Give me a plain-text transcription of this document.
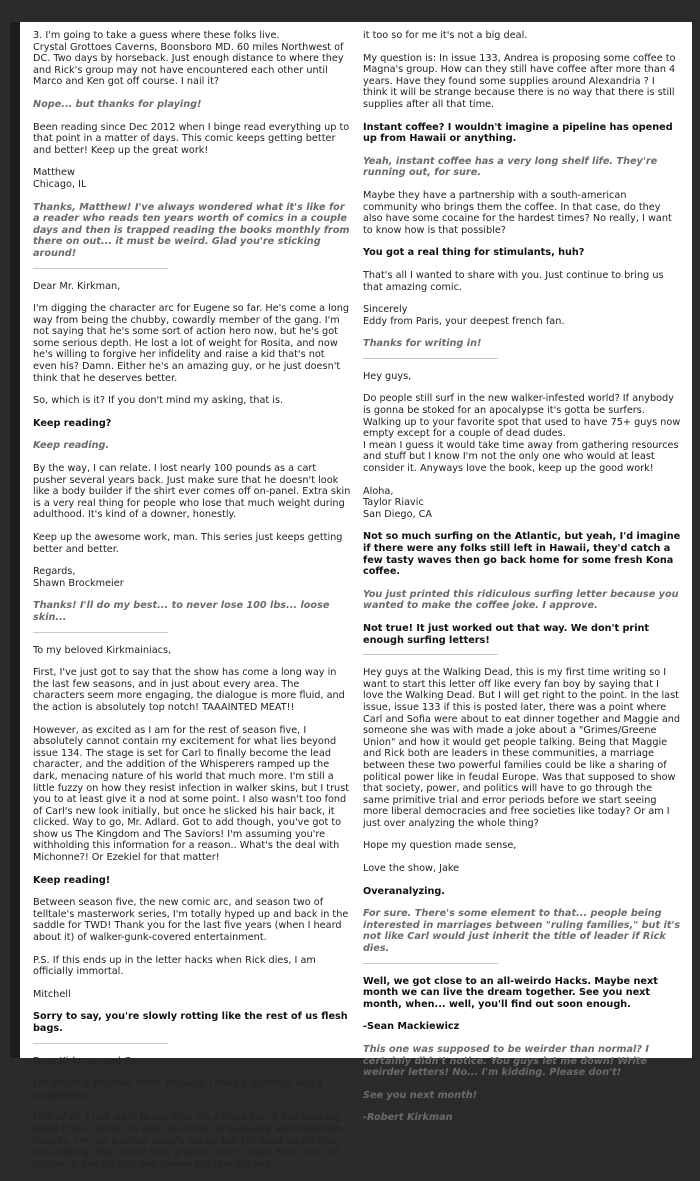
3. I'm going to take a guess where these folks live.
Crystal Grottoes Caverns, Boonsboro MD. 60 miles Northwest of DC. Two days by horseback. Just enough distance to where they and Rick's group may not have encountered each other until Marco and Ken got off course. I nail it?
Nope... but thanks for playing!
Been reading since Dec 2012 when I binge read everything up to that point in a matter of days. This comic keeps getting better and better! Keep up the great work!
Matthew
Chicago, IL
Thanks, Matthew! I've always wondered what it's like for a reader who reads ten years worth of comics in a couple days and then is trapped reading the books monthly from there on out... it must be weird. Glad you're sticking around!
Dear Mr. Kirkman,
I'm digging the character arc for Eugene so far. He's come a long way from being the chubby, cowardly member of the gang. I'm not saying that he's some sort of action hero now, but he's got some serious depth. He lost a lot of weight for Rosita, and now he's willing to forgive her infidelity and raise a kid that's not even his? Damn. Either he's an amazing guy, or he just doesn't think that he deserves better.
So, which is it? If you don't mind my asking, that is.
Keep reading?
Keep reading.
By the way, I can relate. I lost nearly 100 pounds as a cart pusher several years back. Just make sure that he doesn't look like a body builder if the shirt ever comes off on-panel. Extra skin is a very real thing for people who lose that much weight during adulthood. It's kind of a downer, honestly.
Keep up the awesome work, man. This series just keeps getting better and better.
Regards,
Shawn Brockmeier
Thanks! I'll do my best... to never lose 100 lbs... loose skin...
To my beloved Kirkmainiacs,
First, I've just got to say that the show has come a long way in the last few seasons, and in just about every area. The characters seem more engaging, the dialogue is more fluid, and the action is absolutely top notch! TAAAINTED MEAT!!
However, as excited as I am for the rest of season five, I absolutely cannot contain my excitement for what lies beyond issue 134. The stage is set for Carl to finally become the lead character, and the addition of the Whisperers ramped up the dark, menacing nature of his world that much more. I'm still a little fuzzy on how they resist infection in walker skins, but I trust you to at least give it a nod at some point. I also wasn't too fond of Carl's new look initially, but once he slicked his hair back, it clicked. Way to go, Mr. Adlard. Got to add though, you've got to show us The Kingdom and The Saviors! I'm assuming you're withholding this information for a reason.. What's the deal with Michonne?! Or Ezekiel for that matter!
Keep reading!
Between season five, the new comic arc, and season two of telltale's masterwork series, I'm totally hyped up and back in the saddle for TWD! Thank you for the last five years (when I heard about it) of walker-gunk-covered entertainment.
P.S. If this ends up in the letter hacks when Rick dies, I am officially immortal.
Mitchell
Sorry to say, you're slowly rotting like the rest of us flesh bags.
Dear Kirkman and Co,
I'm sending you that letter because I have a question and a suggestion.
First of all, I just want to say that I'm a huge fan of The Walking Dead Comic since t10 and the return in Kentucky with Abraham. Usually, I'm not a comic book's reader but I'm must admit that the walking dead is the best graphic novel I have ever read. Of course, It has his ups and downs but real life has
it too so for me it's not a big deal.
My question is: In issue 133, Andrea is proposing some coffee to Magna's group. How can they still have coffee after more than 4 years. Have they found some supplies around Alexandria ? I think it will be strange because there is no way that there is still supplies after all that time.
Instant coffee? I wouldn't imagine a pipeline has opened up from Hawaii or anything.
Yeah, instant coffee has a very long shelf life. They're running out, for sure.
Maybe they have a partnership with a south-american community who brings them the coffee. In that case, do they also have some cocaine for the hardest times? No really, I want to know how is that possible?
You got a real thing for stimulants, huh?
That's all I wanted to share with you. Just continue to bring us that amazing comic.
Sincerely
Eddy from Paris, your deepest french fan.
Thanks for writing in!
Hey guys,
Do people still surf in the new walker-infested world? If anybody is gonna be stoked for an apocalypse it's gotta be surfers. Walking up to your favorite spot that used to have 75+ guys now empty except for a couple of dead dudes.
I mean I guess it would take time away from gathering resources and stuff but I know I'm not the only one who would at least consider it. Anyways love the book, keep up the good work!
Aloha,
Taylor Riavic
San Diego, CA
Not so much surfing on the Atlantic, but yeah, I'd imagine if there were any folks still left in Hawaii, they'd catch a few tasty waves then go back home for some fresh Kona coffee.
You just printed this ridiculous surfing letter because you wanted to make the coffee joke. I approve.
Not true! It just worked out that way. We don't print enough surfing letters!
Hey guys at the Walking Dead, this is my first time writing so I want to start this letter off like every fan boy by saying that I love the Walking Dead. But I will get right to the point. In the last issue, issue 133 if this is posted later, there was a point where Carl and Sofia were about to eat dinner together and Maggie and someone she was with made a joke about a "Grimes/Greene Union" and how it would get people talking. Being that Maggie and Rick both are leaders in these communities, a marriage between these two powerful families could be like a sharing of political power like in feudal Europe. Was that supposed to show that society, power, and politics will have to go through the same primitive trial and error periods before we start seeing more liberal democracies and free societies like today? Or am I just over analyzing the whole thing?
Hope my question made sense,
Love the show, Jake
Overanalyzing.
For sure. There's some element to that... people being interested in marriages between "ruling families," but it's not like Carl would just inherit the title of leader if Rick dies.
Well, we got close to an all-weirdo Hacks. Maybe next month we can live the dream together. See you next month, when... well, you'll find out soon enough.
-Sean Mackiewicz
This one was supposed to be weirder than normal? I certainly didn't notice. You guys let me down! Write weirder letters! No... I'm kidding. Please don't!
See you next month!
-Robert Kirkman
